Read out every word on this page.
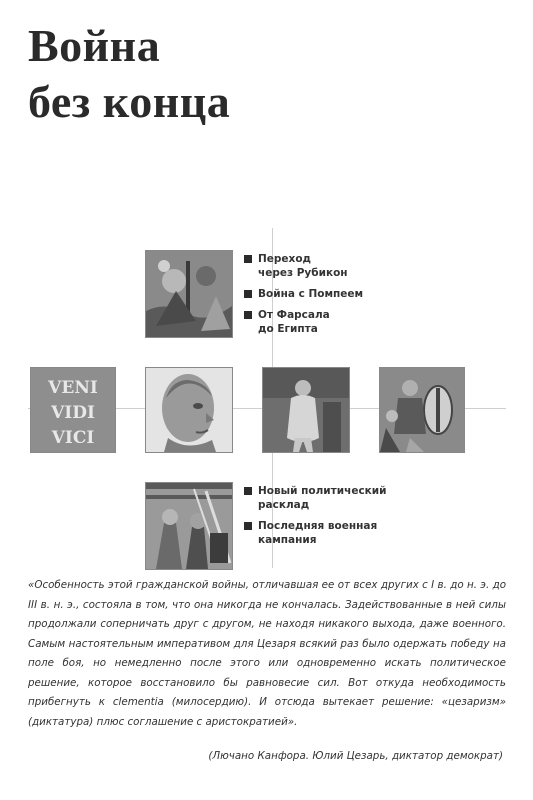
Война
без конца
Переход
через Рубикон
Война с Помпеем
От Фарсала
до Египта
VENI
VIDI
VICI
Новый политический
расклад
Последняя военная
кампания

«Особенность этой гражданской войны, отличавшая ее от всех других с I в. до н. э. до III в. н. э., состояла в том, что она никогда не кончалась. Задействованные в ней силы продолжали соперничать друг с другом, не находя никакого выхода, даже военного. Самым настоятельным императивом для Цезаря всякий раз было одержать победу на поле боя, но немедленно после этого или одновременно искать политическое решение, которое восстановило бы равновесие сил. Вот откуда необходимость прибегнуть к clementia (милосердию). И отсюда вытекает решение: «цезаризм» (диктатура) плюс соглашение с аристократией».

(Лючано Канфора. Юлий Цезарь, диктатор демократ)
